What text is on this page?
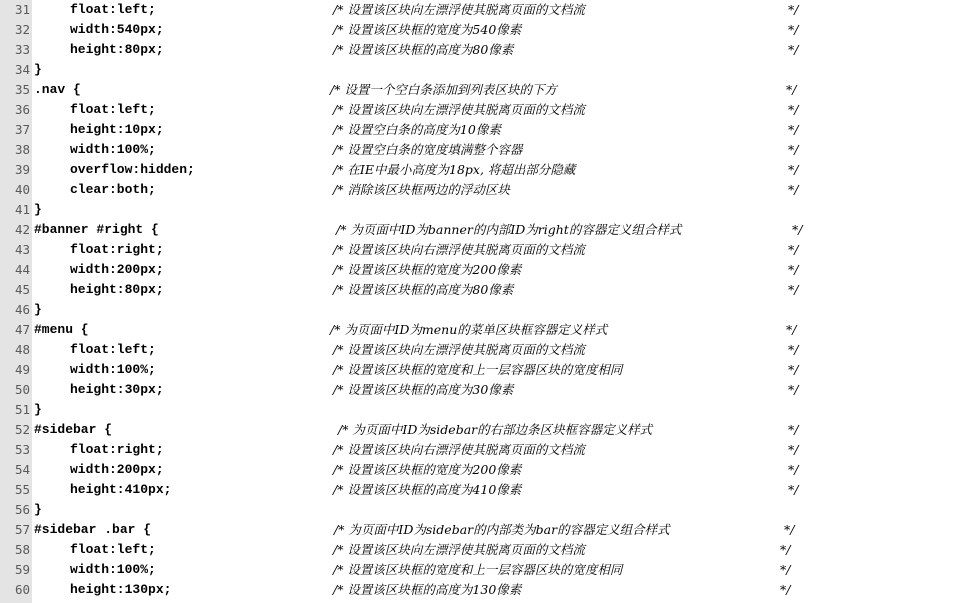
31	float:left;	/* 设置该区块向左漂浮使其脱离页面的文档流	*/
32	width:540px;	/* 设置该区块框的宽度为540像素	*/
33	height:80px;	/* 设置该区块框的高度为80像素	*/
34 }
35 .nav {	/* 设置一个空白条添加到列表区块的下方	*/
36	float:left;	/* 设置该区块向左漂浮使其脱离页面的文档流	*/
37	height:10px;	/* 设置空白条的高度为10像素	*/
38	width:100%;	/* 设置空白条的宽度填满整个容器	*/
39	overflow:hidden;	/* 在IE中最小高度为18px, 将超出部分隐藏	*/
40	clear:both;	/* 消除该区块框两边的浮动区块	*/
41 }
42 #banner #right {	/* 为页面中ID为banner的内部ID为right的容器定义组合样式	*/
43	float:right;	/* 设置该区块向右漂浮使其脱离页面的文档流	*/
44	width:200px;	/* 设置该区块框的宽度为200像素	*/
45	height:80px;	/* 设置该区块框的高度为80像素	*/
46 }
47 #menu {	/* 为页面中ID为menu的菜单区块框容器定义样式	*/
48	float:left;	/* 设置该区块向左漂浮使其脱离页面的文档流	*/
49	width:100%;	/* 设置该区块框的宽度和上一层容器区块的宽度相同	*/
50	height:30px;	/* 设置该区块框的高度为30像素	*/
51 }
52 #sidebar {	/* 为页面中ID为sidebar的右部边条区块框容器定义样式	*/
53	float:right;	/* 设置该区块向右漂浮使其脱离页面的文档流	*/
54	width:200px;	/* 设置该区块框的宽度为200像素	*/
55	height:410px;	/* 设置该区块框的高度为410像素	*/
56 }
57 #sidebar .bar {	/* 为页面中ID为sidebar的内部类为bar的容器定义组合样式	*/
58	float:left;	/* 设置该区块向左漂浮使其脱离页面的文档流	*/
59	width:100%;	/* 设置该区块框的宽度和上一层容器区块的宽度相同	*/
60	height:130px;	/* 设置该区块框的高度为130像素	*/
